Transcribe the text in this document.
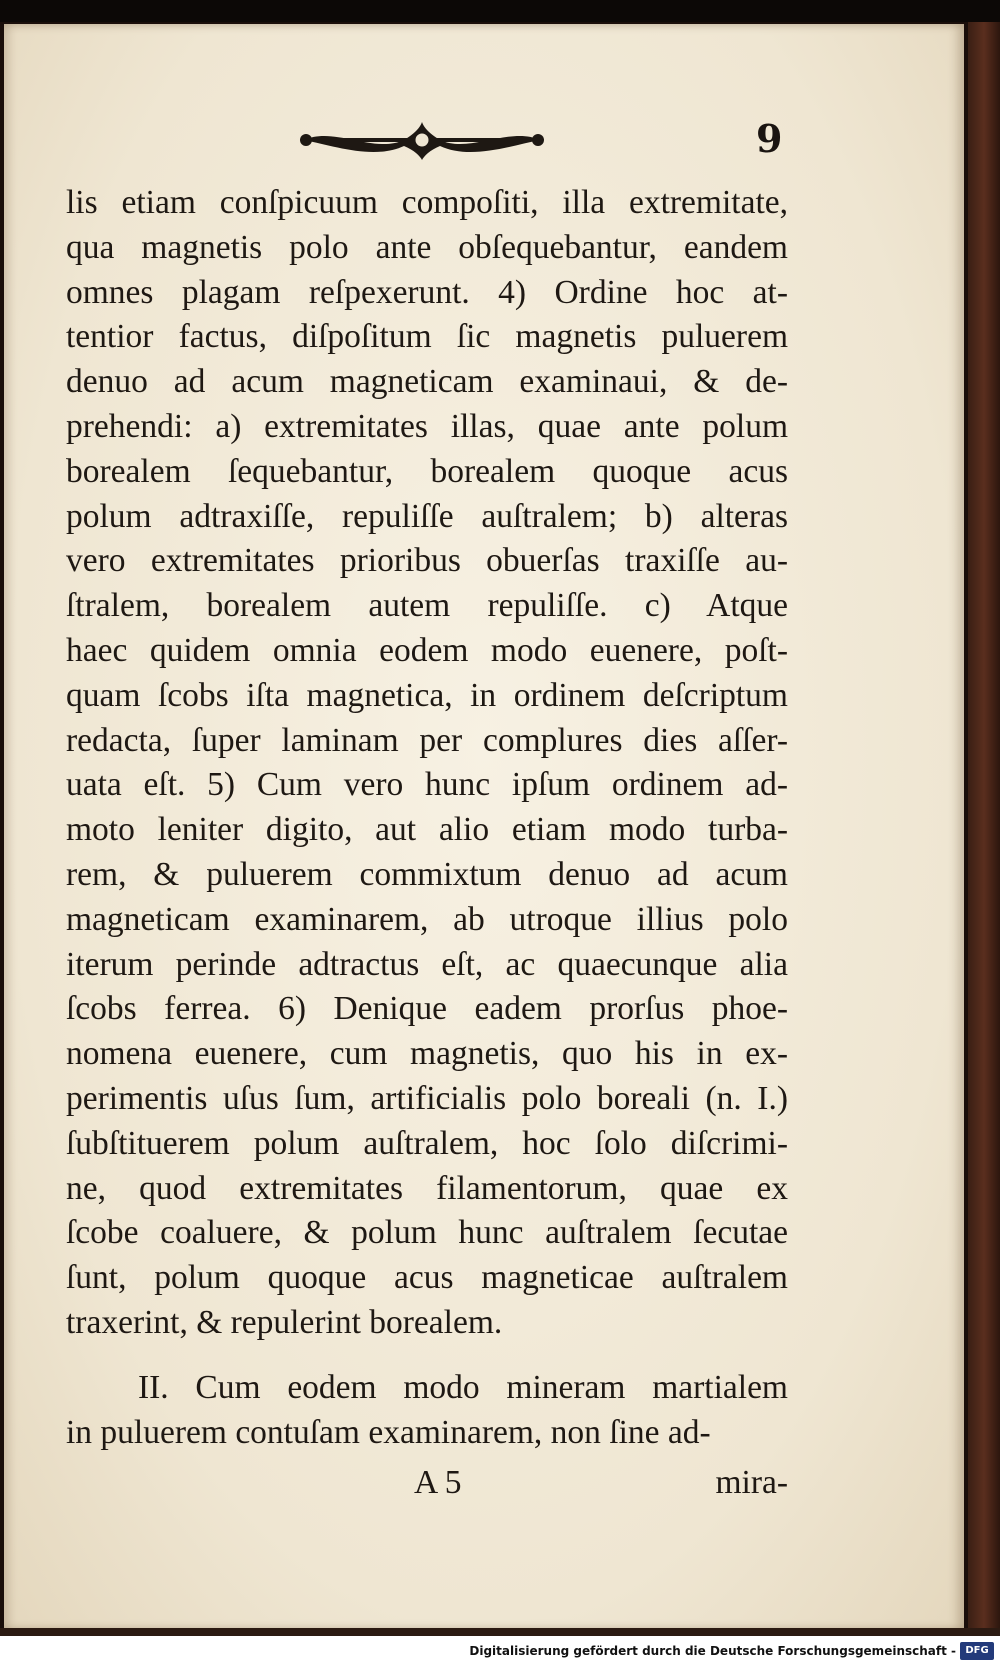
9
lis etiam conſpicuum compoſiti, illa extremitate,
qua magnetis polo ante obſequebantur, eandem
omnes plagam reſpexerunt. 4) Ordine hoc at-
tentior factus, diſpoſitum ſic magnetis puluerem
denuo ad acum magneticam examinaui, & de-
prehendi: a) extremitates illas, quae ante polum
borealem ſequebantur, borealem quoque acus
polum adtraxiſſe, repuliſſe auſtralem; b) alteras
vero extremitates prioribus obuerſas traxiſſe au-
ſtralem, borealem autem repuliſſe. c) Atque
haec quidem omnia eodem modo euenere, poſt-
quam ſcobs iſta magnetica, in ordinem deſcriptum
redacta, ſuper laminam per complures dies aſſer-
uata eſt. 5) Cum vero hunc ipſum ordinem ad-
moto leniter digito, aut alio etiam modo turba-
rem, & puluerem commixtum denuo ad acum
magneticam examinarem, ab utroque illius polo
iterum perinde adtractus eſt, ac quaecunque alia
ſcobs ferrea. 6) Denique eadem prorſus phoe-
nomena euenere, cum magnetis, quo his in ex-
perimentis uſus ſum, artificialis polo boreali (n. I.)
ſubſtituerem polum auſtralem, hoc ſolo diſcrimi-
ne, quod extremitates filamentorum, quae ex
ſcobe coaluere, & polum hunc auſtralem ſecutae
ſunt, polum quoque acus magneticae auſtralem
traxerint, & repulerint borealem.
II. Cum eodem modo mineram martialem
in puluerem contuſam examinarem, non ſine ad-
A 5	mira-
Digitalisierung gefördert durch die Deutsche Forschungsgemeinschaft - DFG
